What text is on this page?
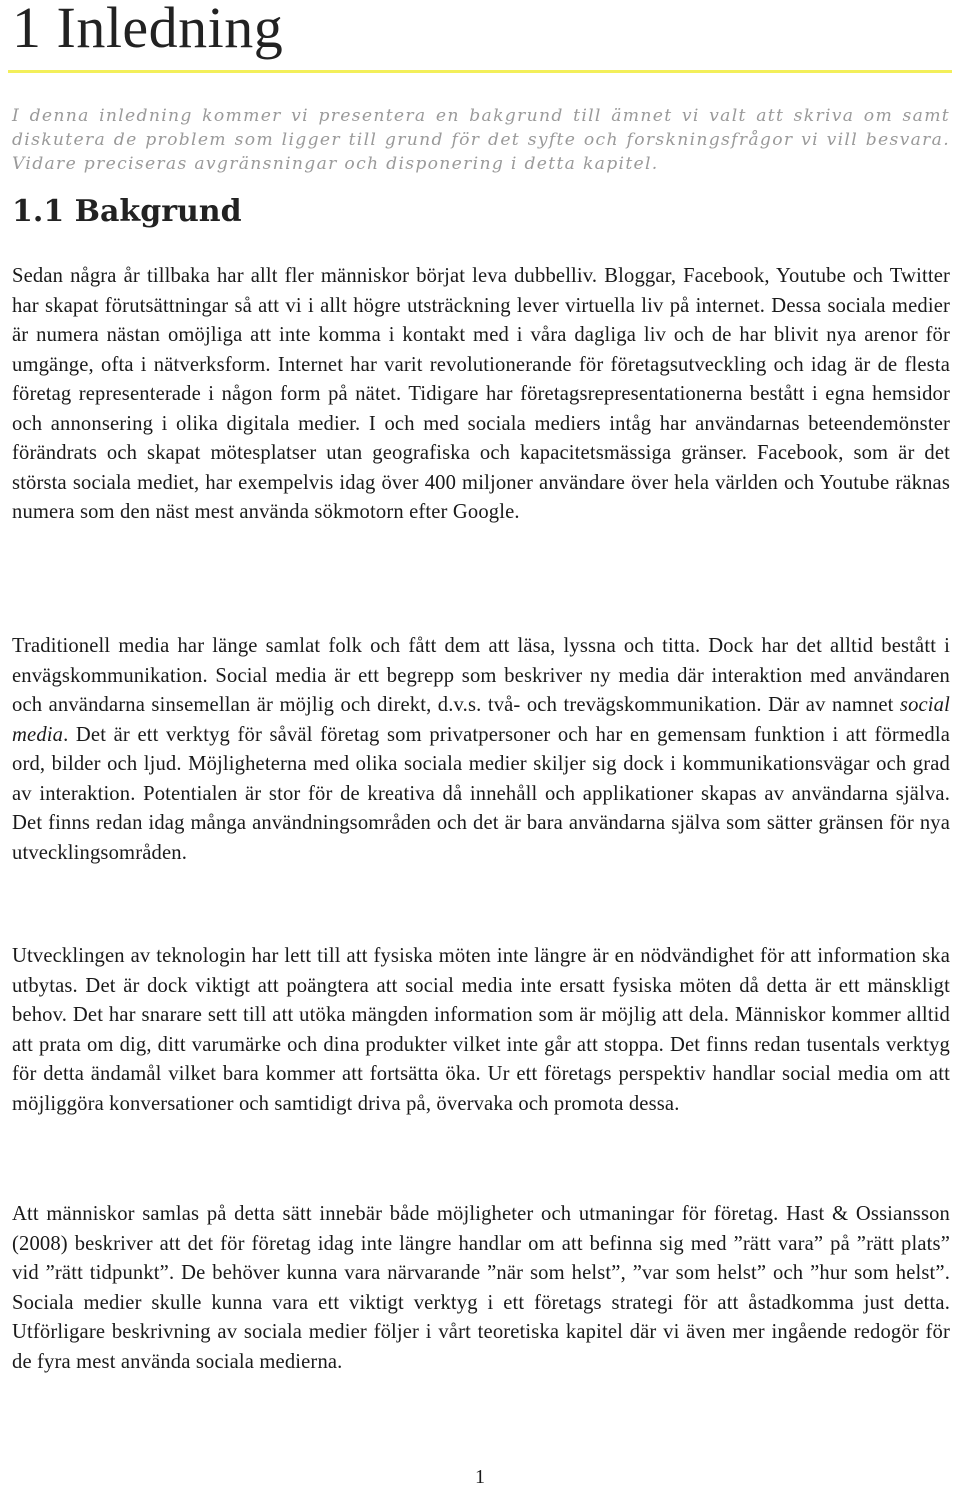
1 Inledning

I denna inledning kommer vi presentera en bakgrund till ämnet vi valt att skriva om samt diskutera de problem som ligger till grund för det syfte och forskningsfrågor vi vill besvara. Vidare preciseras avgränsningar och disponering i detta kapitel.

1.1 Bakgrund

Sedan några år tillbaka har allt fler människor börjat leva dubbelliv. Bloggar, Facebook, Youtube och Twitter har skapat förutsättningar så att vi i allt högre utsträckning lever virtuella liv på internet. Dessa sociala medier är numera nästan omöjliga att inte komma i kontakt med i våra dagliga liv och de har blivit nya arenor för umgänge, ofta i nätverksform. Internet har varit revolutionerande för företagsutveckling och idag är de flesta företag representerade i någon form på nätet. Tidigare har företagsrepresentationerna bestått i egna hemsidor och annonsering i olika digitala medier. I och med sociala mediers intåg har användarnas beteendemönster förändrats och skapat mötesplatser utan geografiska och kapacitetsmässiga gränser. Facebook, som är det största sociala mediet, har exempelvis idag över 400 miljoner användare över hela världen och Youtube räknas numera som den näst mest använda sökmotorn efter Google.

Traditionell media har länge samlat folk och fått dem att läsa, lyssna och titta. Dock har det alltid bestått i envägskommunikation. Social media är ett begrepp som beskriver ny media där interaktion med användaren och användarna sinsemellan är möjlig och direkt, d.v.s. två- och trevägskommunikation. Där av namnet social media. Det är ett verktyg för såväl företag som privatpersoner och har en gemensam funktion i att förmedla ord, bilder och ljud. Möjligheterna med olika sociala medier skiljer sig dock i kommunikationsvägar och grad av interaktion. Potentialen är stor för de kreativa då innehåll och applikationer skapas av användarna själva. Det finns redan idag många användningsområden och det är bara användarna själva som sätter gränsen för nya utvecklingsområden.

Utvecklingen av teknologin har lett till att fysiska möten inte längre är en nödvändighet för att information ska utbytas. Det är dock viktigt att poängtera att social media inte ersatt fysiska möten då detta är ett mänskligt behov. Det har snarare sett till att utöka mängden information som är möjlig att dela. Människor kommer alltid att prata om dig, ditt varumärke och dina produkter vilket inte går att stoppa. Det finns redan tusentals verktyg för detta ändamål vilket bara kommer att fortsätta öka. Ur ett företags perspektiv handlar social media om att möjliggöra konversationer och samtidigt driva på, övervaka och promota dessa.

Att människor samlas på detta sätt innebär både möjligheter och utmaningar för företag. Hast & Ossiansson (2008) beskriver att det för företag idag inte längre handlar om att befinna sig med ”rätt vara” på ”rätt plats” vid ”rätt tidpunkt”. De behöver kunna vara närvarande ”när som helst”, ”var som helst” och ”hur som helst”. Sociala medier skulle kunna vara ett viktigt verktyg i ett företags strategi för att åstadkomma just detta. Utförligare beskrivning av sociala medier följer i vårt teoretiska kapitel där vi även mer ingående redogör för de fyra mest använda sociala medierna.

1
